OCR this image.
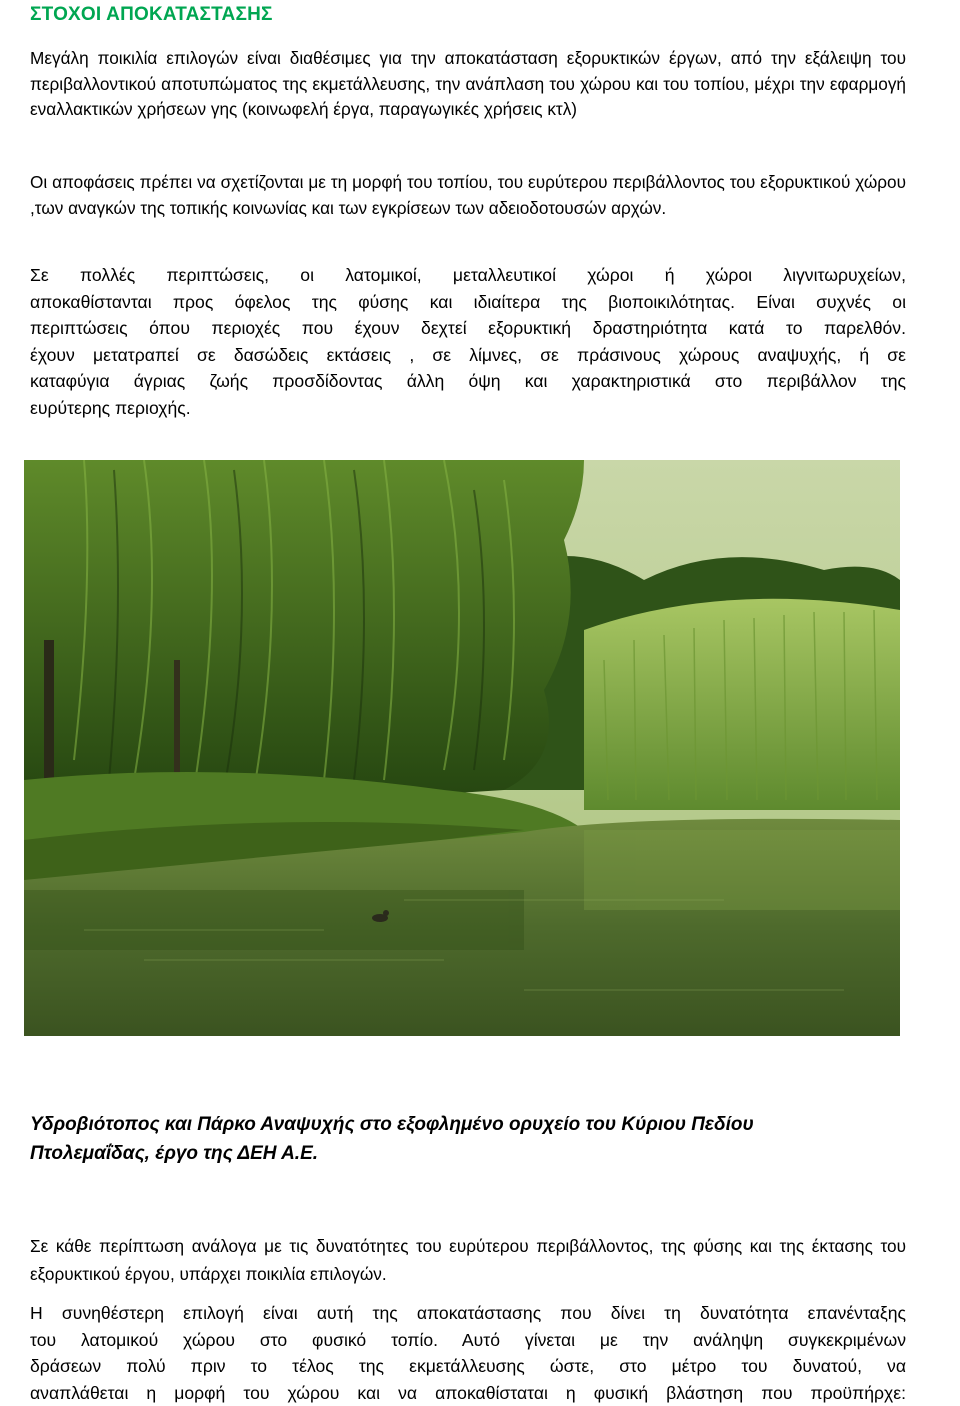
ΣΤΟΧΟΙ ΑΠΟΚΑΤΑΣΤΑΣΗΣ

Μεγάλη ποικιλία επιλογών είναι διαθέσιμες για την αποκατάσταση εξορυκτικών έργων, από την εξάλειψη του περιβαλλοντικού αποτυπώματος της εκμετάλλευσης, την ανάπλαση του χώρου και του τοπίου, μέχρι την εφαρμογή εναλλακτικών χρήσεων γης (κοινωφελή έργα, παραγωγικές χρήσεις κτλ)

Οι αποφάσεις πρέπει να σχετίζονται με τη μορφή του τοπίου, του ευρύτερου περιβάλλοντος του εξορυκτικού χώρου ,των αναγκών της τοπικής κοινωνίας και των εγκρίσεων των αδειοδοτουσών αρχών.

Σε πολλές περιπτώσεις, οι λατομικοί, μεταλλευτικοί χώροι ή χώροι λιγνιτωρυχείων,
αποκαθίστανται προς όφελος της φύσης και ιδιαίτερα της βιοποικιλότητας. Είναι συχνές οι
περιπτώσεις όπου περιοχές που έχουν δεχτεί εξορυκτική δραστηριότητα κατά το παρελθόν.
έχουν μετατραπεί σε δασώδεις εκτάσεις , σε λίμνες, σε πράσινους χώρους αναψυχής, ή σε
καταφύγια άγριας ζωής προσδίδοντας άλλη όψη και χαρακτηριστικά στο περιβάλλον της
ευρύτερης περιοχής.

Υδροβιότοπος και Πάρκο Αναψυχής στο εξοφλημένο ορυχείο του Κύριου Πεδίου
Πτολεμαΐδας, έργο της ΔΕΗ Α.Ε.

Σε κάθε περίπτωση ανάλογα με τις δυνατότητες του ευρύτερου περιβάλλοντος, της φύσης και της έκτασης του εξορυκτικού έργου, υπάρχει ποικιλία επιλογών.

Η συνηθέστερη επιλογή είναι αυτή της αποκατάστασης που δίνει τη δυνατότητα επανένταξης
του λατομικού χώρου στο φυσικό τοπίο. Αυτό γίνεται με την ανάληψη συγκεκριμένων
δράσεων πολύ πριν το τέλος της εκμετάλλευσης ώστε, στο μέτρο του δυνατού, να
αναπλάθεται η μορφή του χώρου και να αποκαθίσταται η φυσική βλάστηση που προϋπήρχε:
